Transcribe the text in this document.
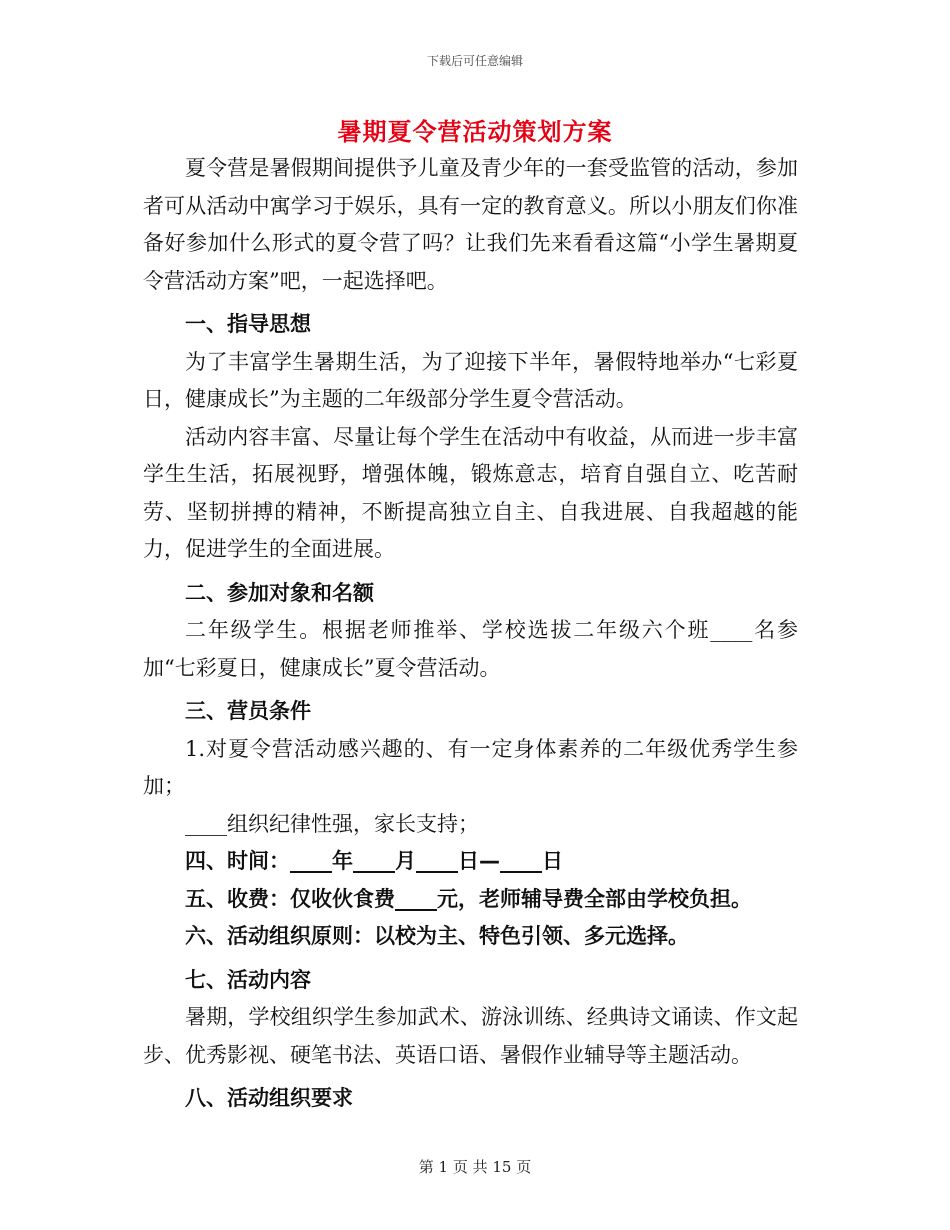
下载后可任意编辑
暑期夏令营活动策划方案

夏令营是暑假期间提供予儿童及青少年的一套受监管的活动，参加者可从活动中寓学习于娱乐，具有一定的教育意义。所以小朋友们你准备好参加什么形式的夏令营了吗？让我们先来看看这篇“小学生暑期夏令营活动方案”吧，一起选择吧。

一、指导思想

为了丰富学生暑期生活，为了迎接下半年，暑假特地举办“七彩夏日，健康成长”为主题的二年级部分学生夏令营活动。

活动内容丰富、尽量让每个学生在活动中有收益，从而进一步丰富学生生活，拓展视野，增强体魄，锻炼意志，培育自强自立、吃苦耐劳、坚韧拼搏的精神，不断提高独立自主、自我进展、自我超越的能力，促进学生的全面进展。

二、参加对象和名额

二年级学生。根据老师推举、学校选拔二年级六个班____名参加“七彩夏日，健康成长”夏令营活动。

三、营员条件

1.对夏令营活动感兴趣的、有一定身体素养的二年级优秀学生参加；

____组织纪律性强，家长支持；

四、时间：____年____月____日—____日

五、收费：仅收伙食费____元，老师辅导费全部由学校负担。

六、活动组织原则：以校为主、特色引领、多元选择。

七、活动内容

暑期，学校组织学生参加武术、游泳训练、经典诗文诵读、作文起步、优秀影视、硬笔书法、英语口语、暑假作业辅导等主题活动。

八、活动组织要求

第 1 页 共 15 页
